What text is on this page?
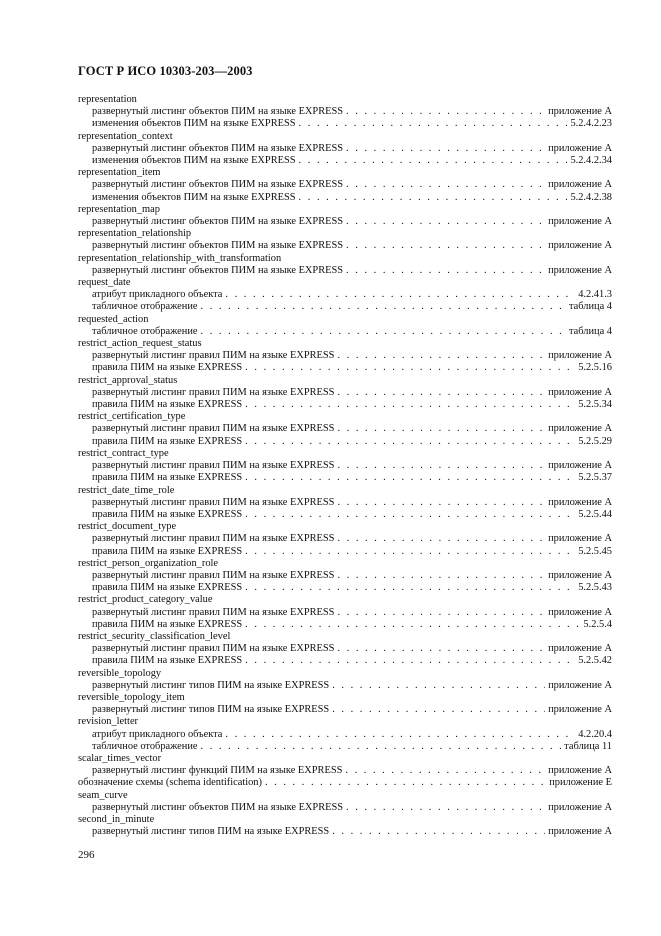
ГОСТ Р ИСО 10303-203—2003
representation
развернутый листинг объектов ПИМ на языке EXPRESS . . .	приложение А
изменения объектов ПИМ на языке EXPRESS . . .	5.2.4.2.23
representation_context
развернутый листинг объектов ПИМ на языке EXPRESS . . .	приложение А
изменения объектов ПИМ на языке EXPRESS . . .	5.2.4.2.34
representation_item
развернутый листинг объектов ПИМ на языке EXPRESS . . .	приложение А
изменения объектов ПИМ на языке EXPRESS . . .	5.2.4.2.38
representation_map
развернутый листинг объектов ПИМ на языке EXPRESS . . .	приложение А
representation_relationship
развернутый листинг объектов ПИМ на языке EXPRESS . . .	приложение А
representation_relationship_with_transformation
развернутый листинг объектов ПИМ на языке EXPRESS . . .	приложение А
request_date
атрибут прикладного объекта . . .	4.2.41.3
табличное отображение . . .	таблица 4
requested_action
табличное отображение . . .	таблица 4
restrict_action_request_status
развернутый листинг правил ПИМ на языке EXPRESS . . .	приложение А
правила ПИМ на языке EXPRESS . . .	5.2.5.16
restrict_approval_status
развернутый листинг правил ПИМ на языке EXPRESS . . .	приложение А
правила ПИМ на языке EXPRESS . . .	5.2.5.34
restrict_certification_type
развернутый листинг правил ПИМ на языке EXPRESS . . .	приложение А
правила ПИМ на языке EXPRESS . . .	5.2.5.29
restrict_contract_type
развернутый листинг правил ПИМ на языке EXPRESS . . .	приложение А
правила ПИМ на языке EXPRESS . . .	5.2.5.37
restrict_date_time_role
развернутый листинг правил ПИМ на языке EXPRESS . . .	приложение А
правила ПИМ на языке EXPRESS . . .	5.2.5.44
restrict_document_type
развернутый листинг правил ПИМ на языке EXPRESS . . .	приложение А
правила ПИМ на языке EXPRESS . . .	5.2.5.45
restrict_person_organization_role
развернутый листинг правил ПИМ на языке EXPRESS . . .	приложение А
правила ПИМ на языке EXPRESS . . .	5.2.5.43
restrict_product_category_value
развернутый листинг правил ПИМ на языке EXPRESS . . .	приложение А
правила ПИМ на языке EXPRESS . . .	5.2.5.4
restrict_security_classification_level
развернутый листинг правил ПИМ на языке EXPRESS . . .	приложение А
правила ПИМ на языке EXPRESS . . .	5.2.5.42
reversible_topology
развернутый листинг типов ПИМ на языке EXPRESS . . .	приложение А
reversible_topology_item
развернутый листинг типов ПИМ на языке EXPRESS . . .	приложение А
revision_letter
атрибут прикладного объекта . . .	4.2.20.4
табличное отображение . . .	таблица 11
scalar_times_vector
развернутый листинг функций ПИМ на языке EXPRESS . . .	приложение А
обозначение схемы (schema identification) . . .	приложение E
seam_curve
развернутый листинг объектов ПИМ на языке EXPRESS . . .	приложение А
second_in_minute
развернутый листинг типов ПИМ на языке EXPRESS . . .	приложение А
296
